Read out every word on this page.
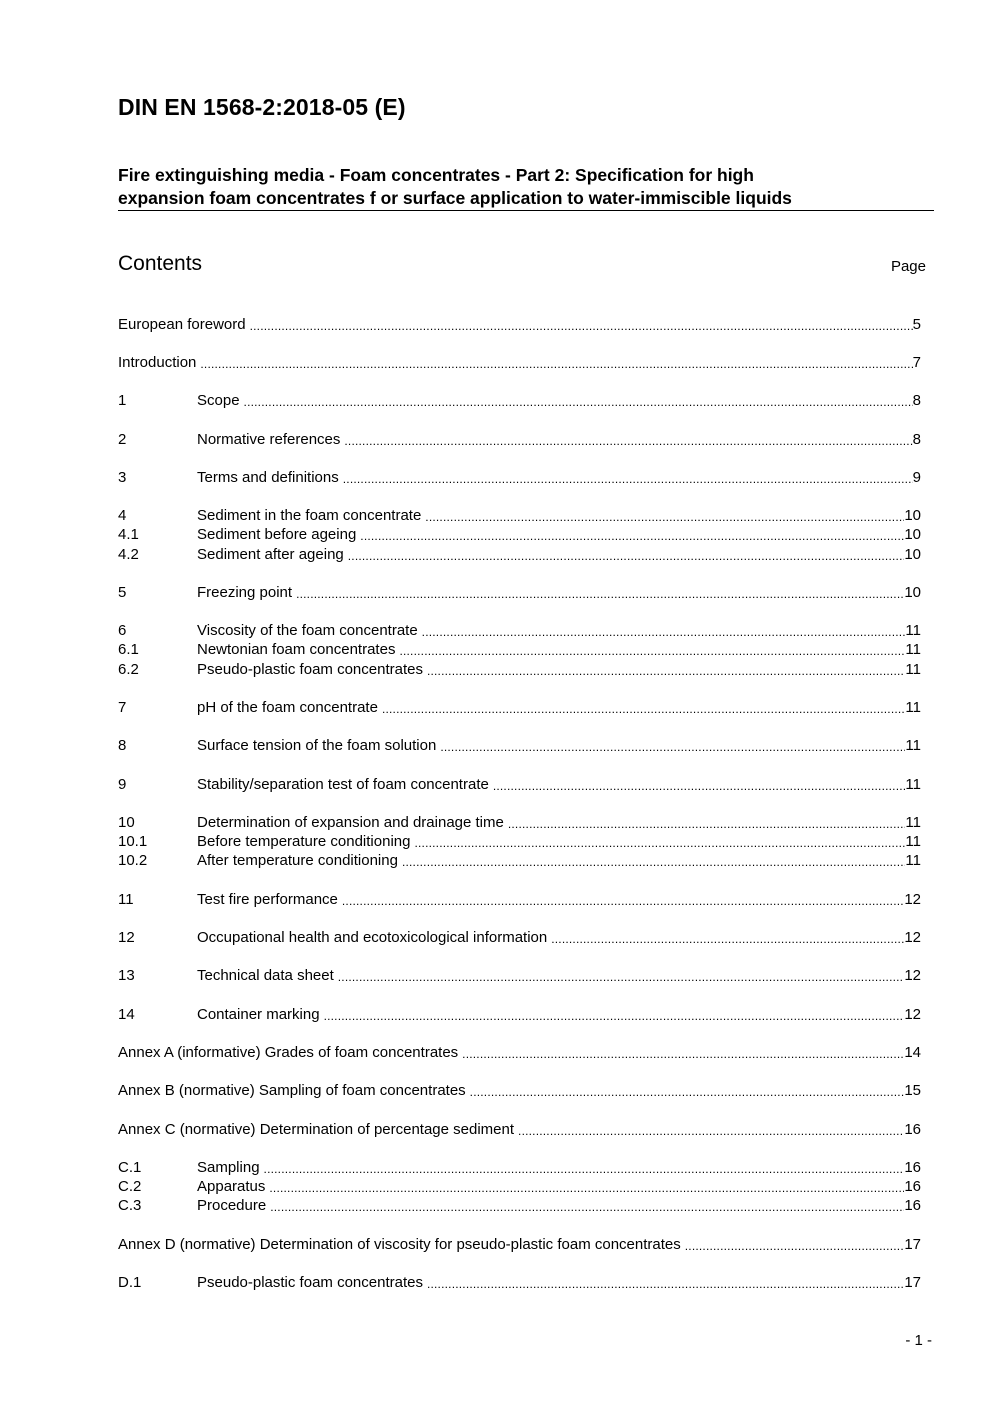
DIN EN 1568-2:2018-05 (E)
Fire extinguishing media - Foam concentrates - Part 2: Specification for high
expansion foam concentrates f or surface application to water-immiscible liquids
Contents	Page
European foreword .....	5
Introduction .....	7
1	Scope .....	8
2	Normative references .....	8
3	Terms and definitions .....	9
4	Sediment in the foam concentrate .....	10
4.1	Sediment before ageing .....	10
4.2	Sediment after ageing .....	10
5	Freezing point .....	10
6	Viscosity of the foam concentrate .....	11
6.1	Newtonian foam concentrates .....	11
6.2	Pseudo-plastic foam concentrates .....	11
7	pH of the foam concentrate .....	11
8	Surface tension of the foam solution .....	11
9	Stability/separation test of foam concentrate .....	11
10	Determination of expansion and drainage time .....	11
10.1	Before temperature conditioning .....	11
10.2	After temperature conditioning .....	11
11	Test fire performance .....	12
12	Occupational health and ecotoxicological information .....	12
13	Technical data sheet .....	12
14	Container marking .....	12
Annex A (informative) Grades of foam concentrates .....	14
Annex B (normative) Sampling of foam concentrates .....	15
Annex C (normative) Determination of percentage sediment .....	16
C.1	Sampling .....	16
C.2	Apparatus .....	16
C.3	Procedure .....	16
Annex D (normative) Determination of viscosity for pseudo-plastic foam concentrates .....	17
D.1	Pseudo-plastic foam concentrates .....	17
- 1 -
